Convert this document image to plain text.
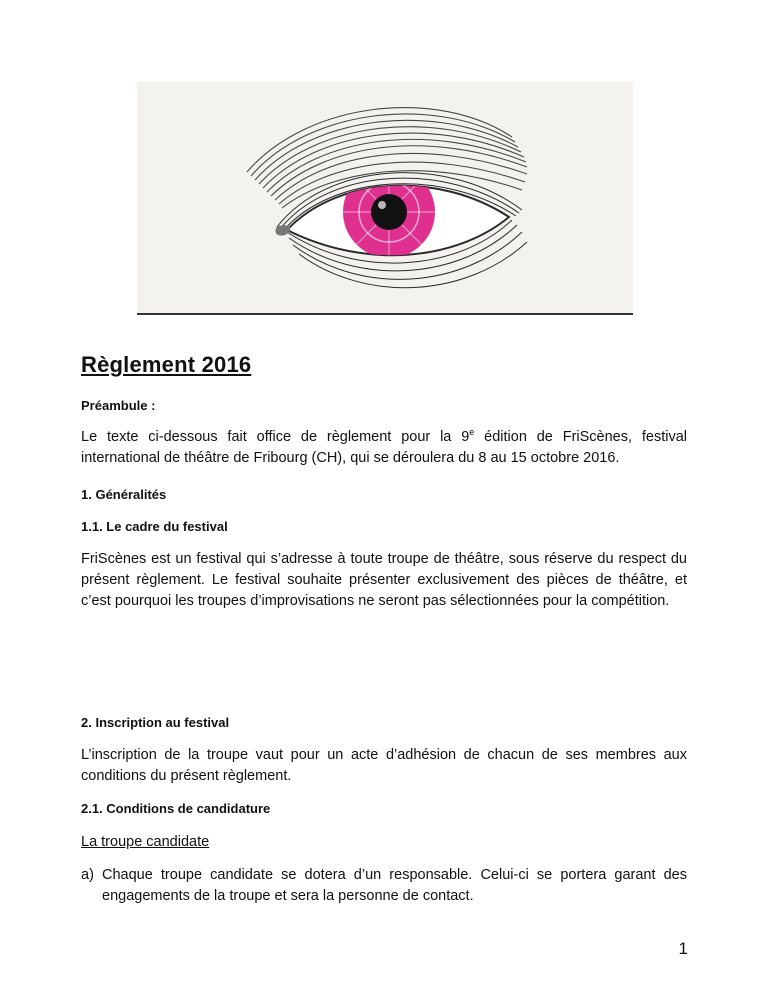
Règlement 2016
Préambule :
Le texte ci-dessous fait office de règlement pour la 9e édition de FriScènes, festival international de théâtre de Fribourg (CH), qui se déroulera du 8 au 15 octobre 2016.
1. Généralités
1.1. Le cadre du festival
FriScènes est un festival qui s’adresse à toute troupe de théâtre, sous réserve du respect du présent règlement. Le festival souhaite présenter exclusivement des pièces de théâtre, et c’est pourquoi les troupes d’improvisations ne seront pas sélectionnées pour la compétition.
2. Inscription au festival
L’inscription de la troupe vaut pour un acte d’adhésion de chacun de ses membres aux conditions du présent règlement.
2.1. Conditions de candidature
La troupe candidate
a) Chaque troupe candidate se dotera d’un responsable. Celui-ci se portera garant des engagements de la troupe et sera la personne de contact.
1
